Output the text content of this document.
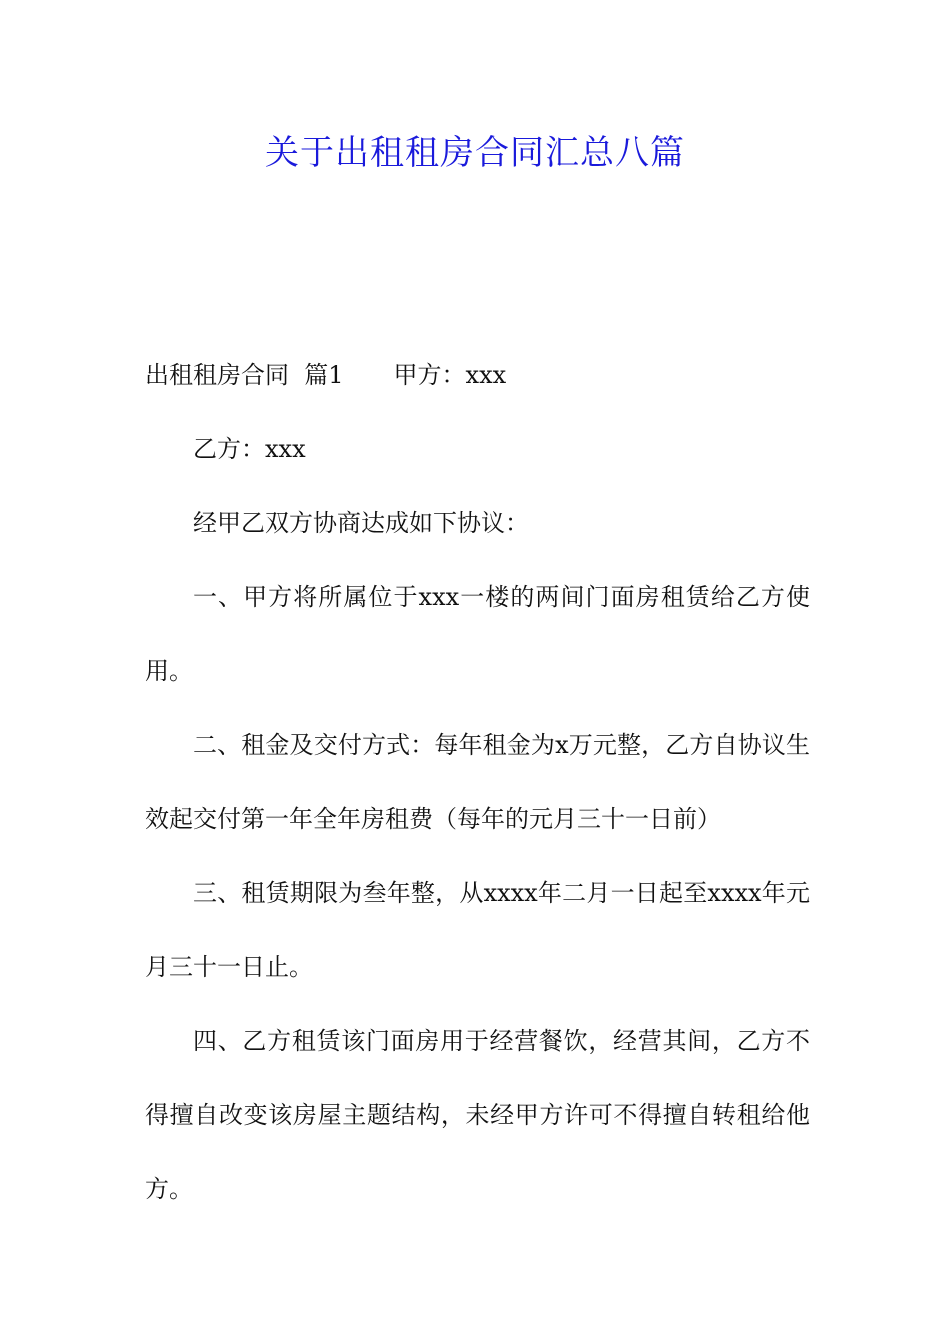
关于出租租房合同汇总八篇

出租租房合同  篇1 甲方：xxx

乙方：xxx

经甲乙双方协商达成如下协议：

一、甲方将所属位于xxx一楼的两间门面房租赁给乙方使用。

二、租金及交付方式：每年租金为x万元整，乙方自协议生效起交付第一年全年房租费（每年的元月三十一日前）

三、租赁期限为叁年整，从xxxx年二月一日起至xxxx年元月三十一日止。

四、乙方租赁该门面房用于经营餐饮，经营其间，乙方不得擅自改变该房屋主题结构，未经甲方许可不得擅自转租给他方。
